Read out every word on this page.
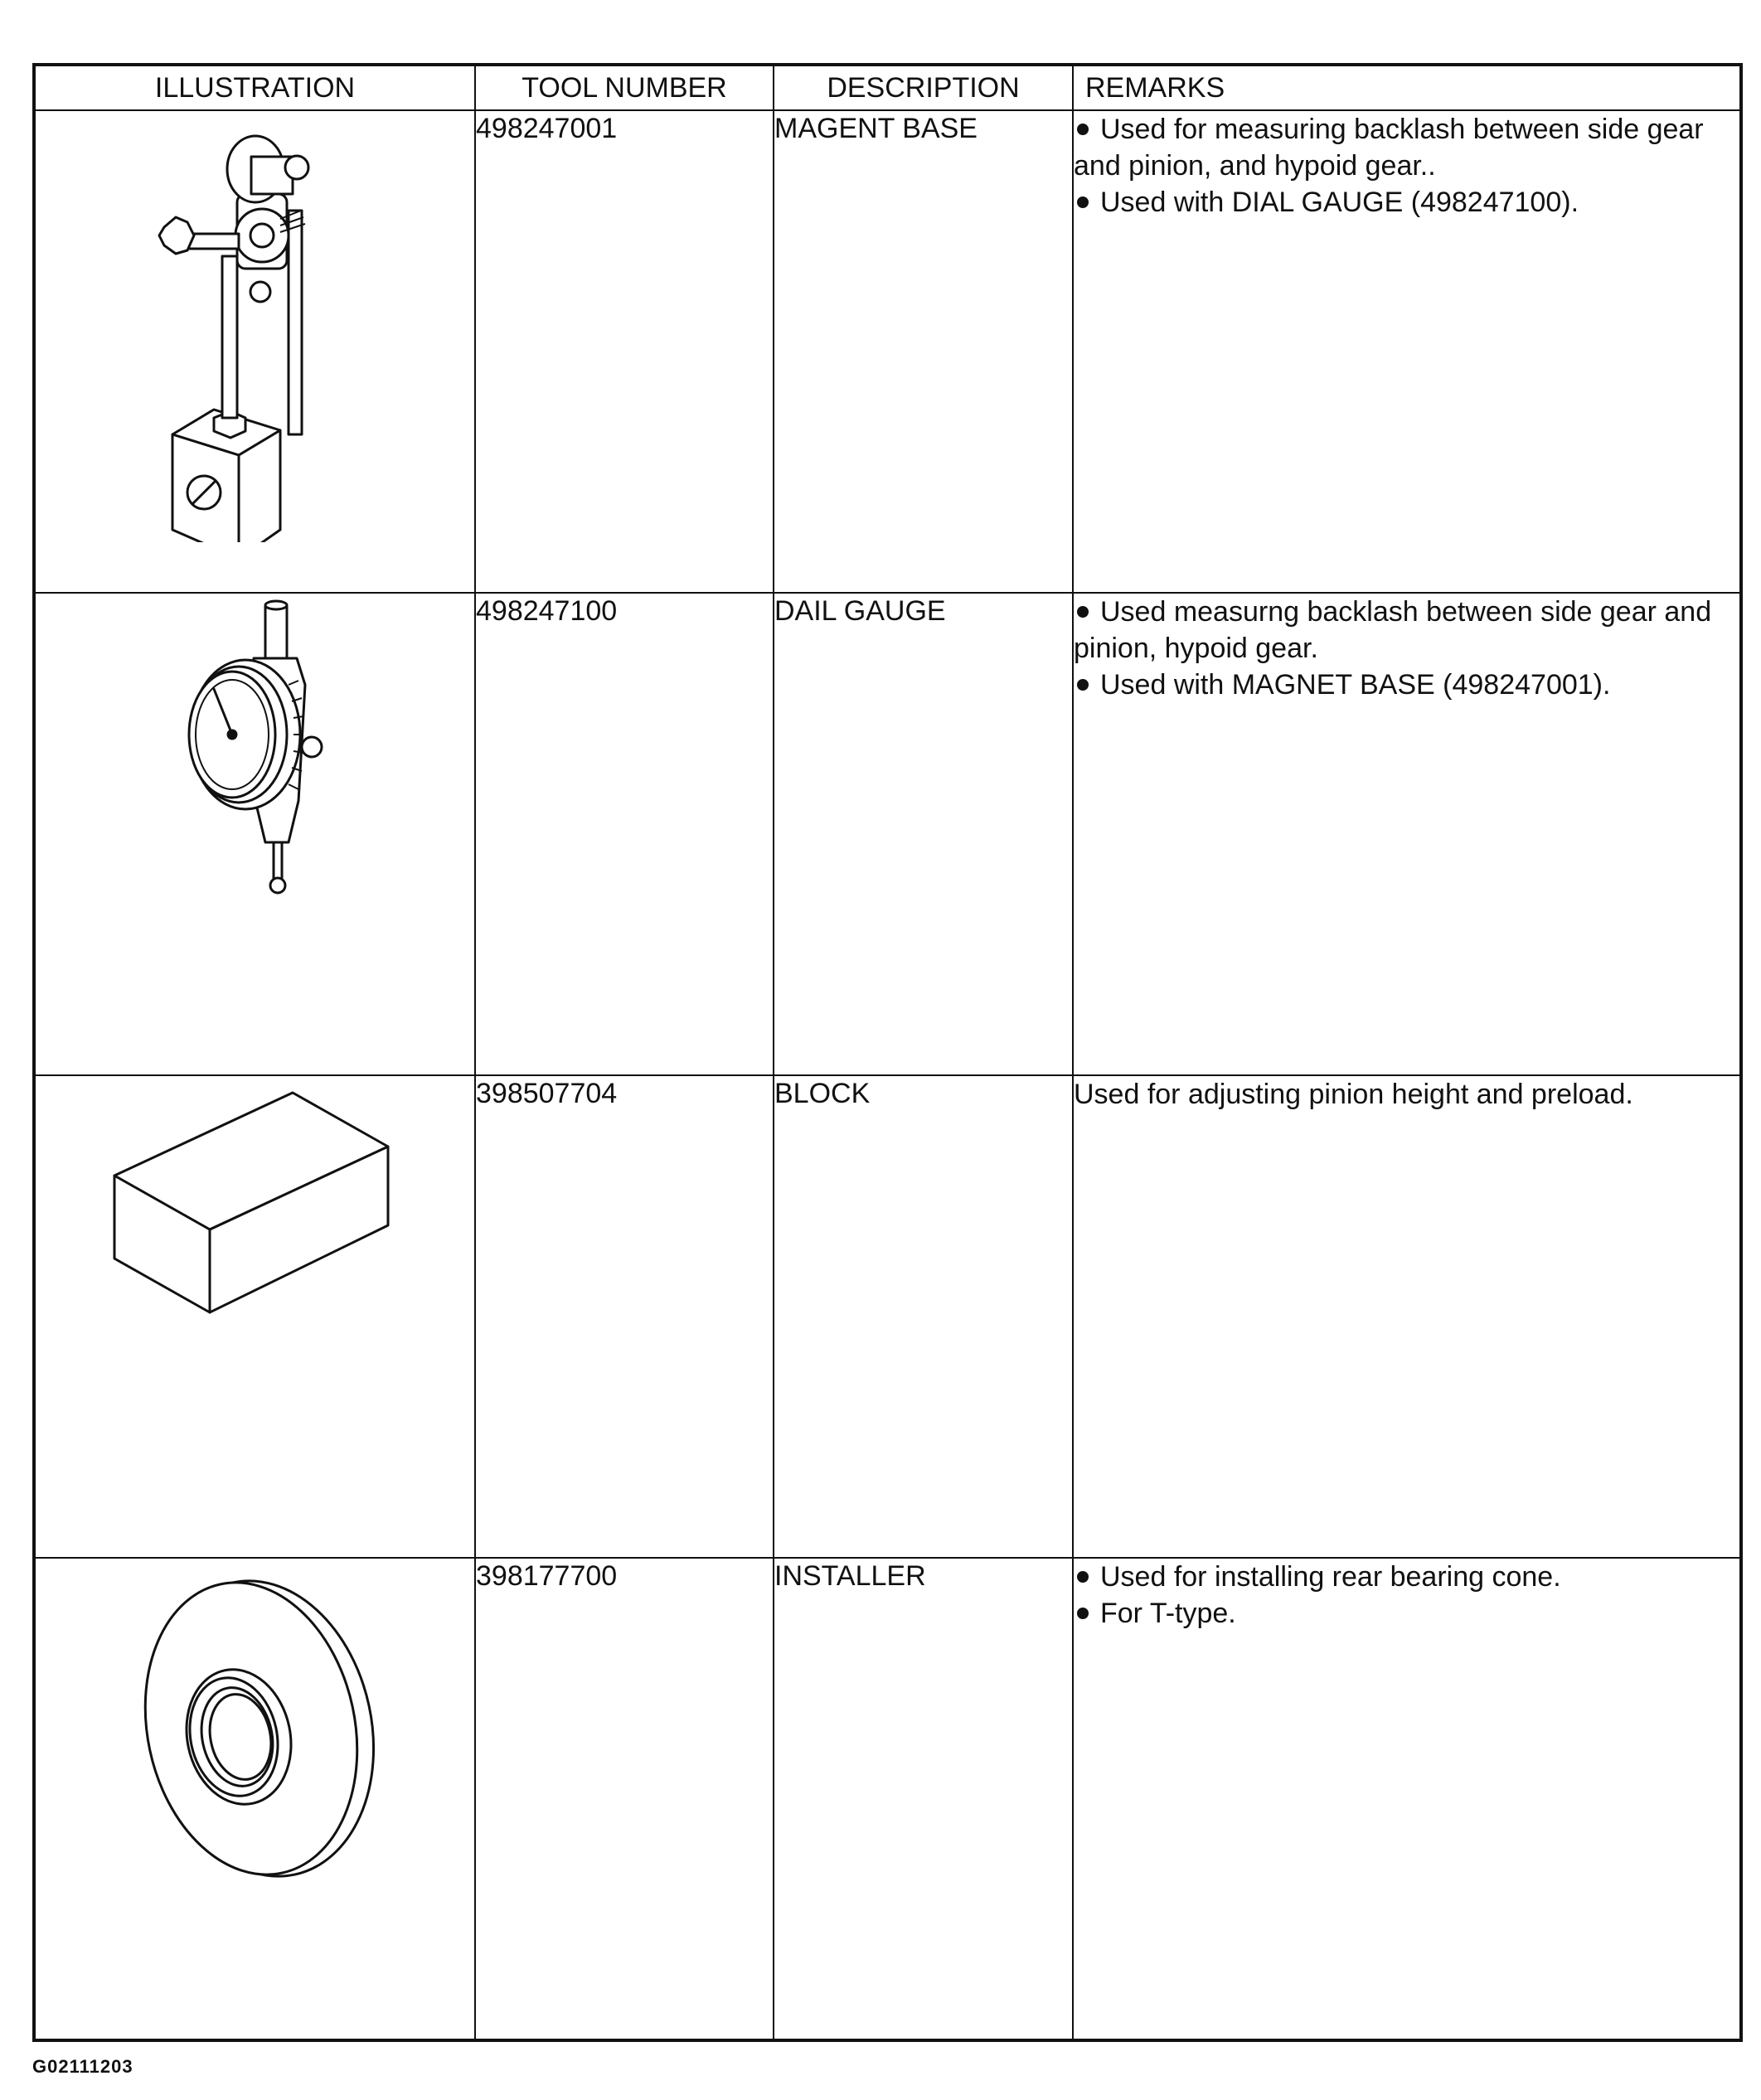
ILLUSTRATION	TOOL NUMBER	DESCRIPTION	REMARKS

	498247001	MAGENT BASE	Used for measuring backlash between side gear and pinion, and hypoid gear..
Used with DIAL GAUGE (498247100).

	498247100	DAIL GAUGE	Used measurng backlash between side gear and pinion, hypoid gear.
Used with MAGNET BASE (498247001).

	398507704	BLOCK	Used for adjusting pinion height and preload.

	398177700	INSTALLER	Used for installing rear bearing cone.
For T-type.
G02111203
